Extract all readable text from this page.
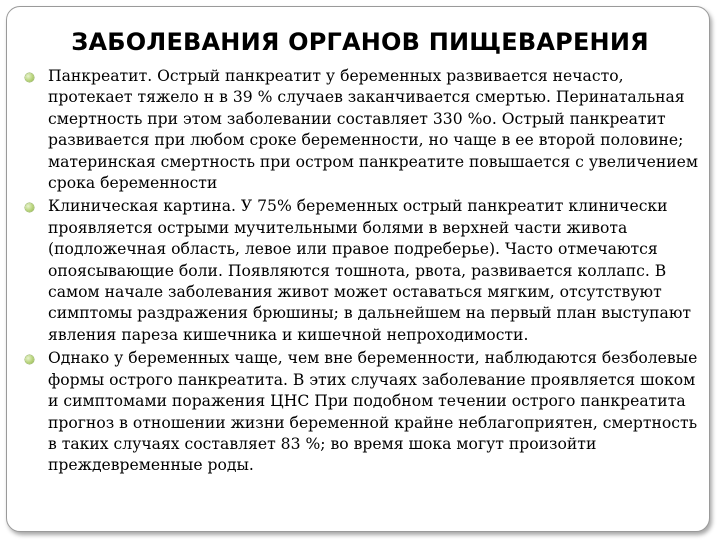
ЗАБОЛЕВАНИЯ ОРГАНОВ ПИЩЕВАРЕНИЯ
Панкреатит. Острый панкреатит у беременных развивается нечасто, протекает тяжело н в 39 % случаев заканчивается смертью. Перинатальная смертность при этом заболевании составляет 330 %о. Острый панкреатит развивается при любом сроке беременности, но чаще в ее второй половине; материнская смертность при остром панкреатите повышается с увеличением срока беременности
Клиническая картина. У 75% беременных острый панкреатит клинически проявляется острыми мучительными болями в верхней части живота (подложечная область, левое или правое подреберье). Часто отмечаются опоясывающие боли. Появляются тошнота, рвота, развивается коллапс. В самом начале заболевания живот может оставаться мягким, отсутствуют симптомы раздражения брюшины; в дальнейшем на первый план выступают явления пареза кишечника и кишечной непроходимости.
Однако у беременных чаще, чем вне беременности, наблюдаются безболевые формы острого панкреатита. В этих случаях заболевание проявляется шоком и симптомами поражения ЦНС При подобном течении острого панкреатита прогноз в отношении жизни беременной крайне неблагоприятен, смертность в таких случаях составляет 83 %; во время шока могут произойти преждевременные роды.
